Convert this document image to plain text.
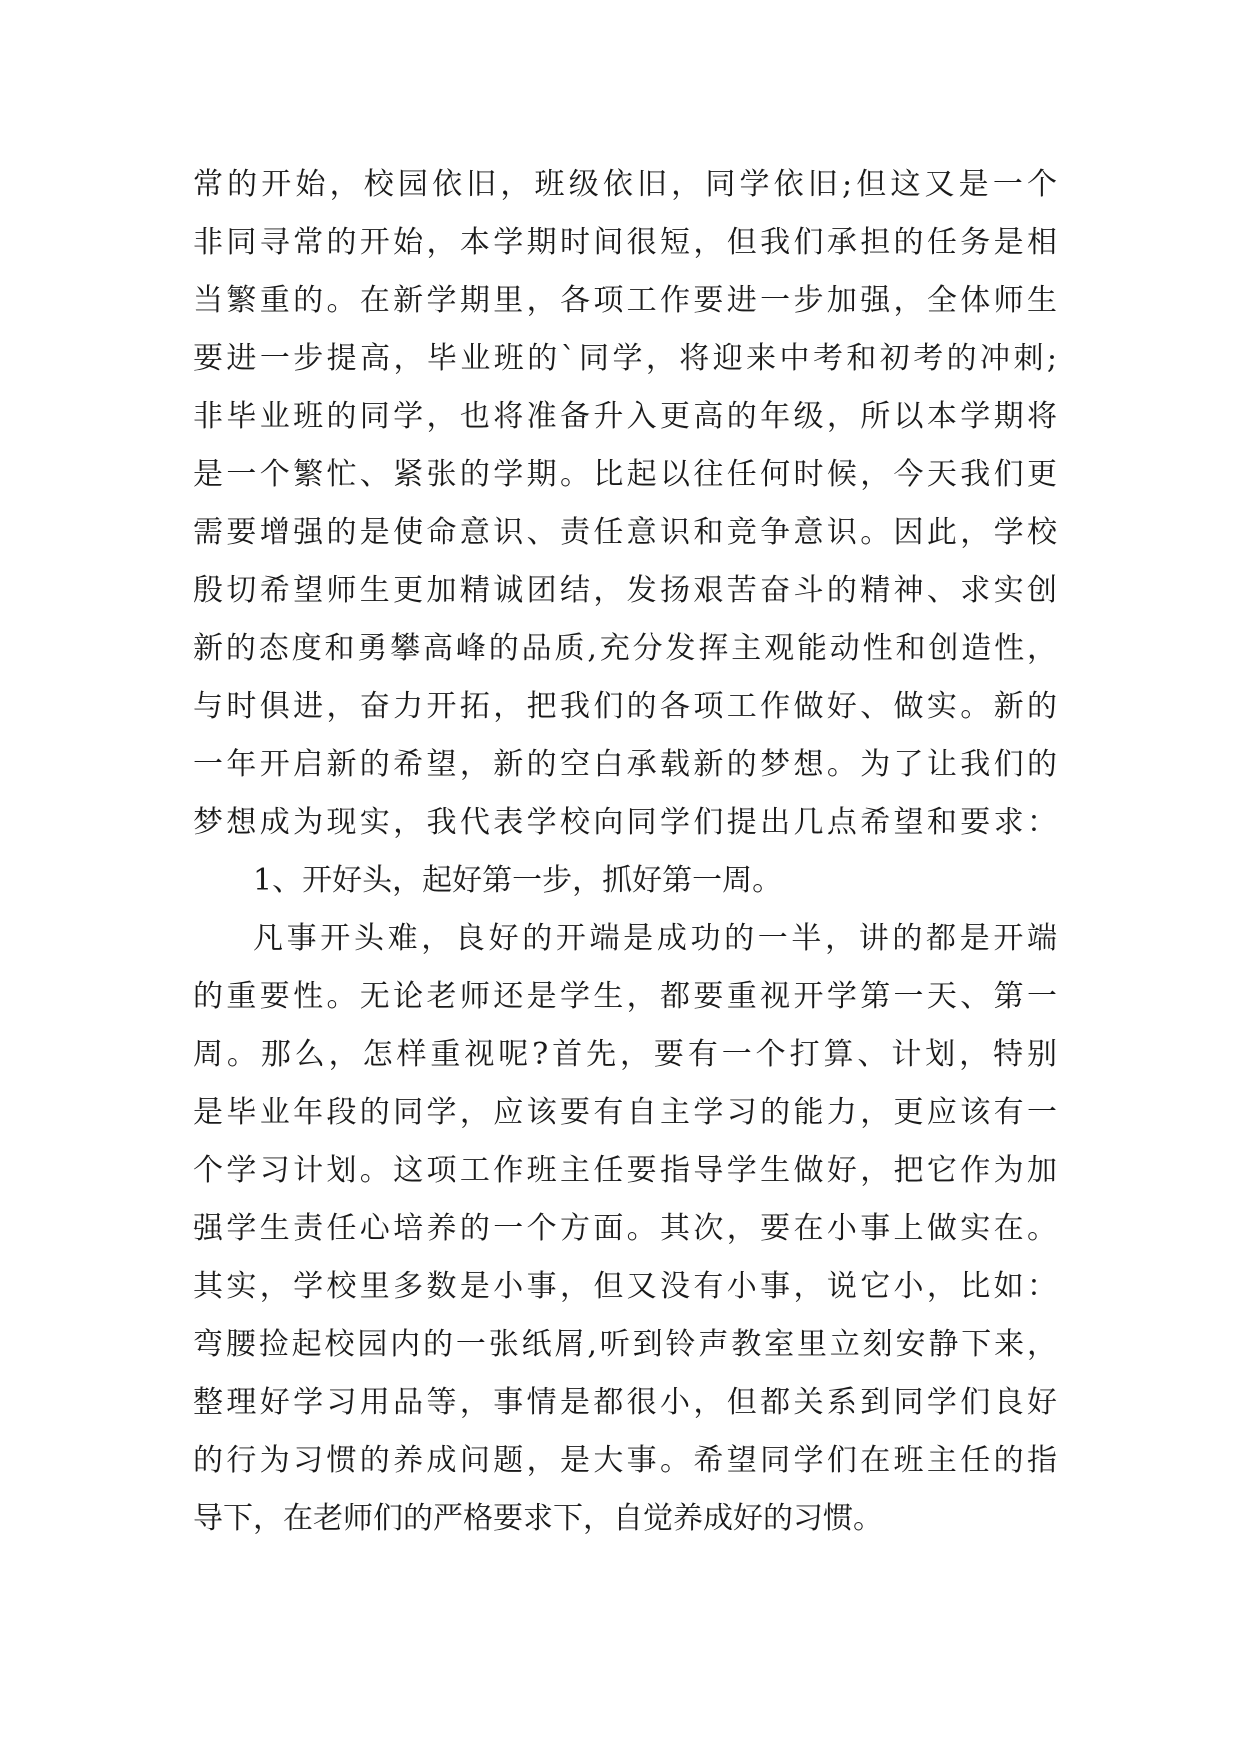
常的开始，校园依旧，班级依旧，同学依旧;但这又是一个
非同寻常的开始，本学期时间很短，但我们承担的任务是相
当繁重的。在新学期里，各项工作要进一步加强，全体师生
要进一步提高，毕业班的`同学，将迎来中考和初考的冲刺;
非毕业班的同学，也将准备升入更高的年级，所以本学期将
是一个繁忙、紧张的学期。比起以往任何时候，今天我们更
需要增强的是使命意识、责任意识和竞争意识。因此，学校
殷切希望师生更加精诚团结，发扬艰苦奋斗的精神、求实创
新的态度和勇攀高峰的品质,充分发挥主观能动性和创造性，
与时俱进，奋力开拓，把我们的各项工作做好、做实。新的
一年开启新的希望，新的空白承载新的梦想。为了让我们的
梦想成为现实，我代表学校向同学们提出几点希望和要求：
1、开好头，起好第一步，抓好第一周。
凡事开头难，良好的开端是成功的一半，讲的都是开端
的重要性。无论老师还是学生，都要重视开学第一天、第一
周。那么，怎样重视呢?首先，要有一个打算、计划，特别
是毕业年段的同学，应该要有自主学习的能力，更应该有一
个学习计划。这项工作班主任要指导学生做好，把它作为加
强学生责任心培养的一个方面。其次，要在小事上做实在。
其实，学校里多数是小事，但又没有小事，说它小，比如：
弯腰捡起校园内的一张纸屑,听到铃声教室里立刻安静下来，
整理好学习用品等，事情是都很小，但都关系到同学们良好
的行为习惯的养成问题，是大事。希望同学们在班主任的指
导下，在老师们的严格要求下，自觉养成好的习惯。
